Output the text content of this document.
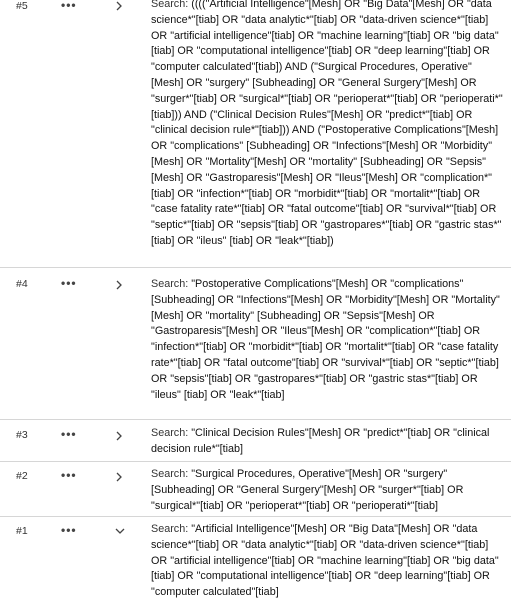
#5	•••	Search: (((("Artificial Intelligence"[Mesh] OR "Big Data"[Mesh] OR "data science*"[tiab] OR "data analytic*"[tiab] OR "data-driven science*"[tiab] OR "artificial intelligence"[tiab] OR "machine learning"[tiab] OR "big data"[tiab] OR "computational intelligence"[tiab] OR "deep learning"[tiab] OR "computer calculated"[tiab]) AND ("Surgical Procedures, Operative"[Mesh] OR "surgery" [Subheading] OR "General Surgery"[Mesh] OR "surger*"[tiab] OR "surgical*"[tiab] OR "perioperat*"[tiab] OR "perioperati*"[tiab])) AND ("Clinical Decision Rules"[Mesh] OR "predict*"[tiab] OR "clinical decision rule*"[tiab])) AND ("Postoperative Complications"[Mesh] OR "complications" [Subheading] OR "Infections"[Mesh] OR "Morbidity"[Mesh] OR "Mortality"[Mesh] OR "mortality" [Subheading] OR "Sepsis"[Mesh] OR "Gastroparesis"[Mesh] OR "Ileus"[Mesh] OR "complication*"[tiab] OR "infection*"[tiab] OR "morbidit*"[tiab] OR "mortalit*"[tiab] OR "case fatality rate*"[tiab] OR "fatal outcome"[tiab] OR "survival*"[tiab] OR "septic*"[tiab] OR "sepsis"[tiab] OR "gastropares*"[tiab] OR "gastric stas*"[tiab] OR "ileus" [tiab] OR "leak*"[tiab])
#4	•••	Search: "Postoperative Complications"[Mesh] OR "complications" [Subheading] OR "Infections"[Mesh] OR "Morbidity"[Mesh] OR "Mortality"[Mesh] OR "mortality" [Subheading] OR "Sepsis"[Mesh] OR "Gastroparesis"[Mesh] OR "Ileus"[Mesh] OR "complication*"[tiab] OR "infection*"[tiab] OR "morbidit*"[tiab] OR "mortalit*"[tiab] OR "case fatality rate*"[tiab] OR "fatal outcome"[tiab] OR "survival*"[tiab] OR "septic*"[tiab] OR "sepsis"[tiab] OR "gastropares*"[tiab] OR "gastric stas*"[tiab] OR "ileus" [tiab] OR "leak*"[tiab]
#3	•••	Search: "Clinical Decision Rules"[Mesh] OR "predict*"[tiab] OR "clinical decision rule*"[tiab]
#2	•••	Search: "Surgical Procedures, Operative"[Mesh] OR "surgery" [Subheading] OR "General Surgery"[Mesh] OR "surger*"[tiab] OR "surgical*"[tiab] OR "perioperat*"[tiab] OR "perioperati*"[tiab]
#1	•••	Search: "Artificial Intelligence"[Mesh] OR "Big Data"[Mesh] OR "data science*"[tiab] OR "data analytic*"[tiab] OR "data-driven science*"[tiab] OR "artificial intelligence"[tiab] OR "machine learning"[tiab] OR "big data"[tiab] OR "computational intelligence"[tiab] OR "deep learning"[tiab] OR "computer calculated"[tiab]
